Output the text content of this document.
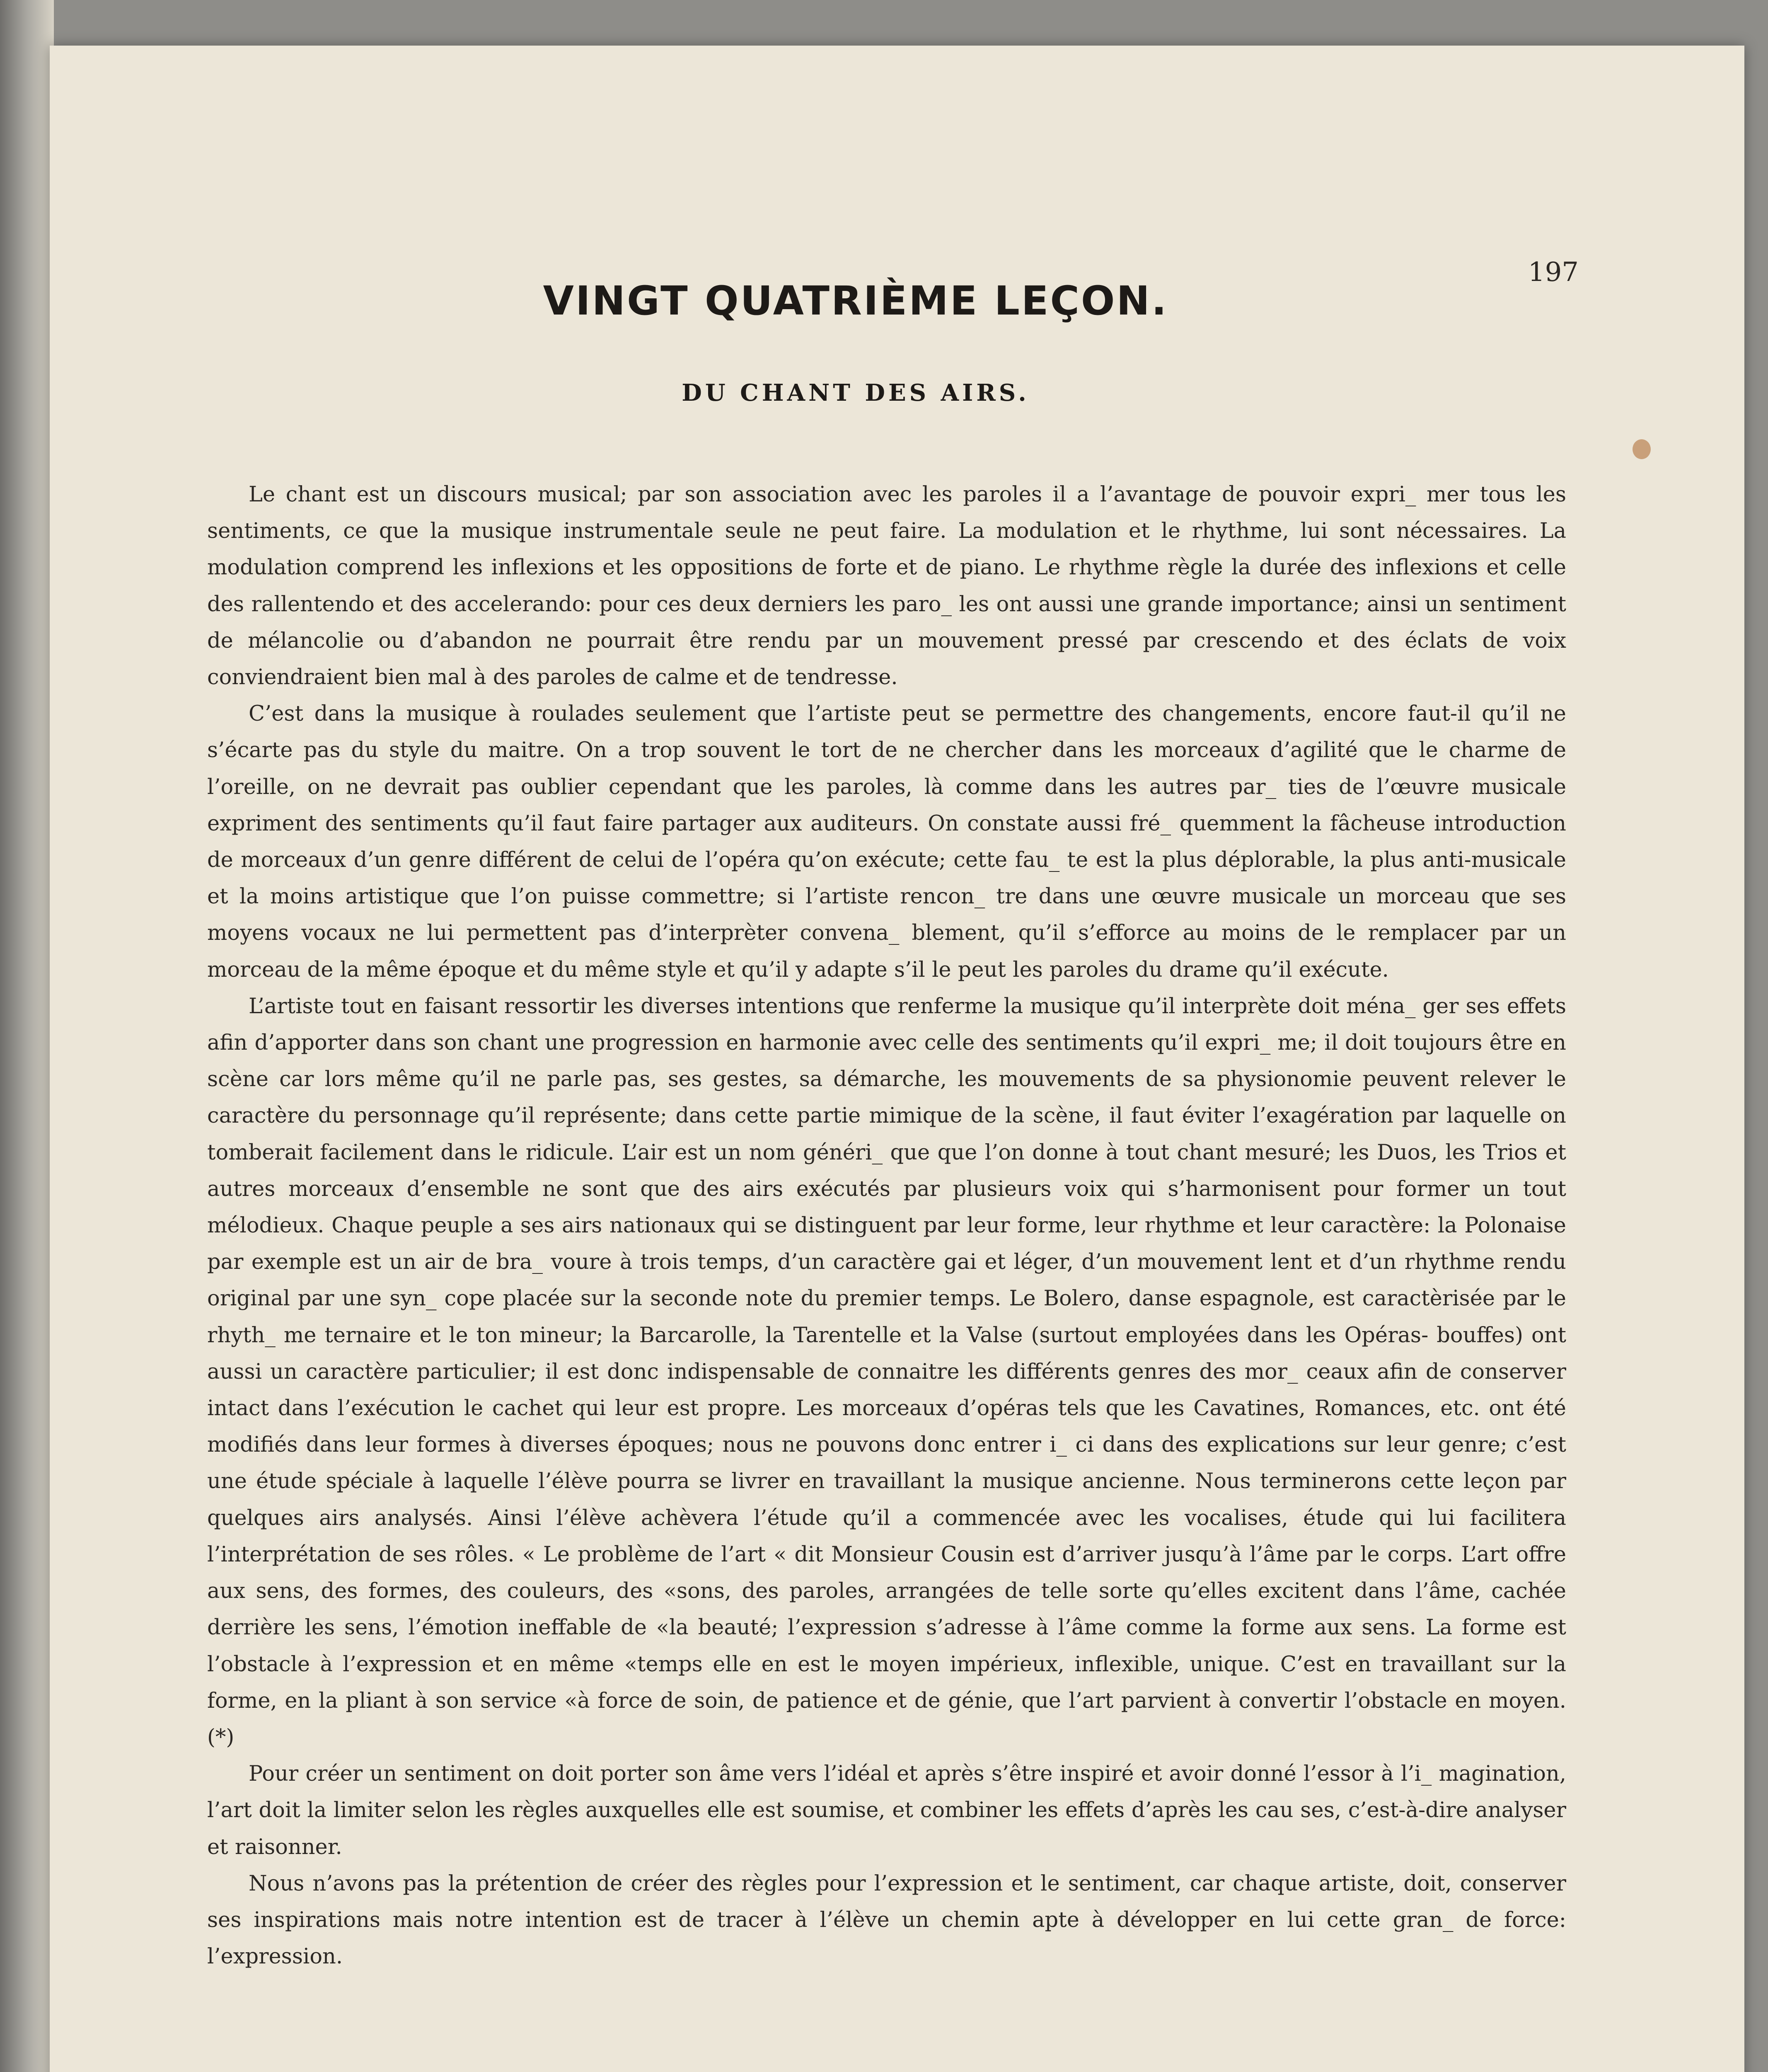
197
VINGT QUATRIÈME LEÇON.
DU CHANT DES AIRS.

Le chant est un discours musical; par son association avec les paroles il a l’avantage de pouvoir expri_ mer tous les sentiments, ce que la musique instrumentale seule ne peut faire. La modulation et le rhythme, lui sont nécessaires. La modulation comprend les inflexions et les oppositions de forte et de piano. Le rhythme règle la durée des inflexions et celle des rallentendo et des accelerando: pour ces deux derniers les paro_ les ont aussi une grande importance; ainsi un sentiment de mélancolie ou d’abandon ne pourrait être rendu par un mouvement pressé par crescendo et des éclats de voix conviendraient bien mal à des paroles de calme et de tendresse.

C’est dans la musique à roulades seulement que l’artiste peut se permettre des changements, encore faut-il qu’il ne s’écarte pas du style du maitre. On a trop souvent le tort de ne chercher dans les morceaux d’agilité que le charme de l’oreille, on ne devrait pas oublier cependant que les paroles, là comme dans les autres par_ ties de l’œuvre musicale expriment des sentiments qu’il faut faire partager aux auditeurs. On constate aussi fré_ quemment la fâcheuse introduction de morceaux d’un genre différent de celui de l’opéra qu’on exécute; cette fau_ te est la plus déplorable, la plus anti-musicale et la moins artistique que l’on puisse commettre; si l’artiste rencon_ tre dans une œuvre musicale un morceau que ses moyens vocaux ne lui permettent pas d’interprèter convena_ blement, qu’il s’efforce au moins de le remplacer par un morceau de la même époque et du même style et qu’il y adapte s’il le peut les paroles du drame qu’il exécute.

L’artiste tout en faisant ressortir les diverses intentions que renferme la musique qu’il interprète doit ména_ ger ses effets afin d’apporter dans son chant une progression en harmonie avec celle des sentiments qu’il expri_ me; il doit toujours être en scène car lors même qu’il ne parle pas, ses gestes, sa démarche, les mouvements de sa physionomie peuvent relever le caractère du personnage qu’il représente; dans cette partie mimique de la scène, il faut éviter l’exagération par laquelle on tomberait facilement dans le ridicule. L’air est un nom généri_ que que l’on donne à tout chant mesuré; les Duos, les Trios et autres morceaux d’ensemble ne sont que des airs exécutés par plusieurs voix qui s’harmonisent pour former un tout mélodieux. Chaque peuple a ses airs nationaux qui se distinguent par leur forme, leur rhythme et leur caractère: la Polonaise par exemple est un air de bra_ voure à trois temps, d’un caractère gai et léger, d’un mouvement lent et d’un rhythme rendu original par une syn_ cope placée sur la seconde note du premier temps. Le Bolero, danse espagnole, est caractèrisée par le rhyth_ me ternaire et le ton mineur; la Barcarolle, la Tarentelle et la Valse (surtout employées dans les Opéras- bouffes) ont aussi un caractère particulier; il est donc indispensable de connaitre les différents genres des mor_ ceaux afin de conserver intact dans l’exécution le cachet qui leur est propre. Les morceaux d’opéras tels que les Cavatines, Romances, etc. ont été modifiés dans leur formes à diverses époques; nous ne pouvons donc entrer i_ ci dans des explications sur leur genre; c’est une étude spéciale à laquelle l’élève pourra se livrer en travaillant la musique ancienne. Nous terminerons cette leçon par quelques airs analysés. Ainsi l’élève achèvera l’étude qu’il a commencée avec les vocalises, étude qui lui facilitera l’interprétation de ses rôles. « Le problème de l’art « dit Monsieur Cousin est d’arriver jusqu’à l’âme par le corps. L’art offre aux sens, des formes, des couleurs, des «sons, des paroles, arrangées de telle sorte qu’elles excitent dans l’âme, cachée derrière les sens, l’émotion ineffable de «la beauté; l’expression s’adresse à l’âme comme la forme aux sens. La forme est l’obstacle à l’expression et en même «temps elle en est le moyen impérieux, inflexible, unique. C’est en travaillant sur la forme, en la pliant à son service «à force de soin, de patience et de génie, que l’art parvient à convertir l’obstacle en moyen. (*)

Pour créer un sentiment on doit porter son âme vers l’idéal et après s’être inspiré et avoir donné l’essor à l’i_ magination, l’art doit la limiter selon les règles auxquelles elle est soumise, et combiner les effets d’après les cau ses, c’est-à-dire analyser et raisonner.

Nous n’avons pas la prétention de créer des règles pour l’expression et le sentiment, car chaque artiste, doit, conserver ses inspirations mais notre intention est de tracer à l’élève un chemin apte à développer en lui cette gran_ de force: l’expression.
